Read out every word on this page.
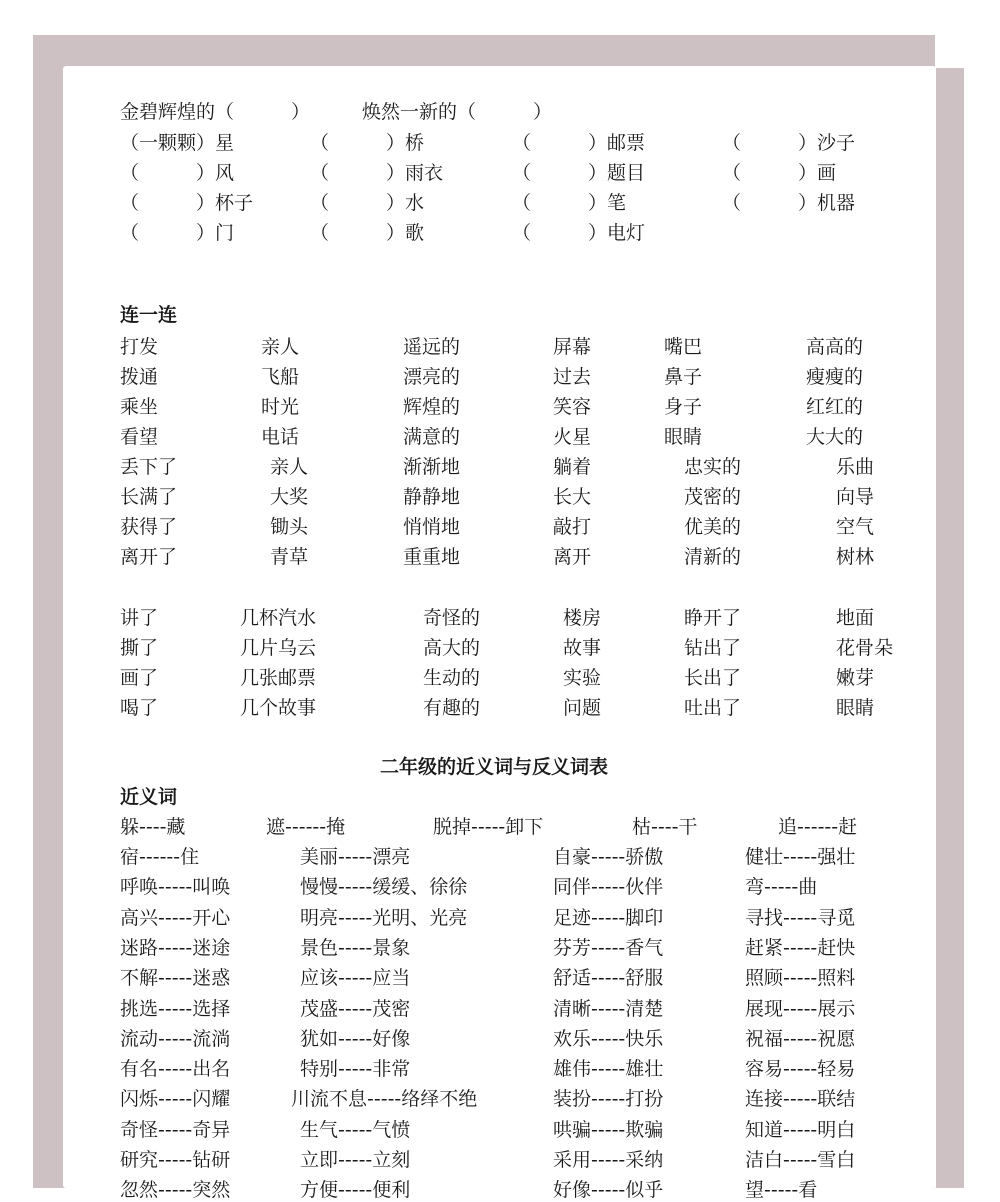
金碧辉煌的（　　　）	焕然一新的（　　　）
（一颗颗）星	（　　　）桥	（　　　）邮票	（　　　）沙子
（　　　）风	（　　　）雨衣	（　　　）题目	（　　　）画
（　　　）杯子	（　　　）水	（　　　）笔	（　　　）机器
（　　　）门	（　　　）歌	（　　　）电灯
连一连
打发	亲人	遥远的	屏幕	嘴巴	高高的
拨通	飞船	漂亮的	过去	鼻子	瘦瘦的
乘坐	时光	辉煌的	笑容	身子	红红的
看望	电话	满意的	火星	眼睛	大大的
丢下了	亲人	渐渐地	躺着	忠实的	乐曲
长满了	大奖	静静地	长大	茂密的	向导
获得了	锄头	悄悄地	敲打	优美的	空气
离开了	青草	重重地	离开	清新的	树林
讲了	几杯汽水	奇怪的	楼房	睁开了	地面
撕了	几片乌云	高大的	故事	钻出了	花骨朵
画了	几张邮票	生动的	实验	长出了	嫩芽
喝了	几个故事	有趣的	问题	吐出了	眼睛
二年级的近义词与反义词表
近义词
躲----藏	遮------掩	脱掉-----卸下	枯----干	追------赶
宿------住	美丽-----漂亮	自豪-----骄傲	健壮-----强壮
呼唤-----叫唤	慢慢-----缓缓、徐徐	同伴-----伙伴	弯-----曲
高兴-----开心	明亮-----光明、光亮	足迹-----脚印	寻找-----寻觅
迷路-----迷途	景色-----景象	芬芳-----香气	赶紧-----赶快
不解-----迷惑	应该-----应当	舒适-----舒服	照顾-----照料
挑选-----选择	茂盛-----茂密	清晰-----清楚	展现-----展示
流动-----流淌	犹如-----好像	欢乐-----快乐	祝福-----祝愿
有名-----出名	特别-----非常	雄伟-----雄壮	容易-----轻易
闪烁-----闪耀	川流不息-----络绎不绝	装扮-----打扮	连接-----联结
奇怪-----奇异	生气-----气愤	哄骗-----欺骗	知道-----明白
研究-----钻研	立即-----立刻	采用-----采纳	洁白-----雪白
忽然-----突然	方便-----便利	好像-----似乎	望-----看
